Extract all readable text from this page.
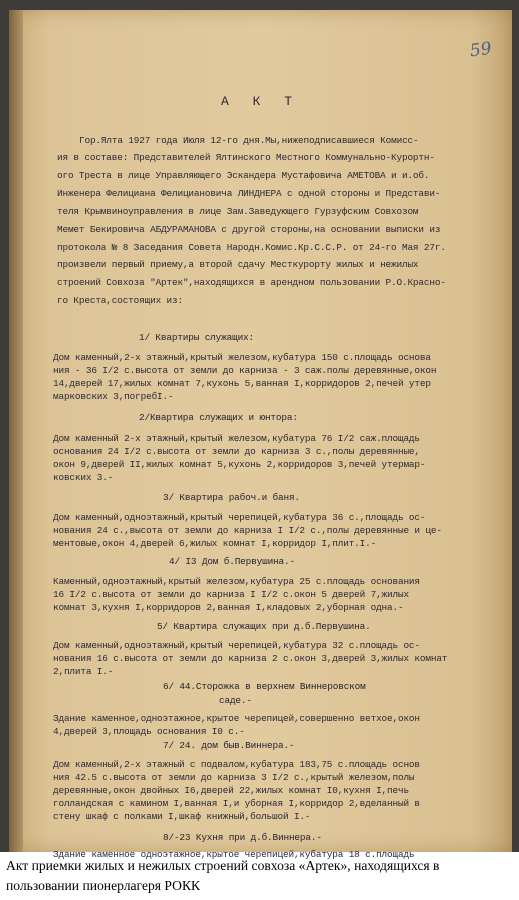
59
А К Т
Гор.Ялта 1927 года Июля 12-го дня.Мы,нижеподписавшиеся Комисс-
ия в составе: Представителей Ялтинского Местного Коммунально-Курортн-
ого Треста в лице Управляющего Эскандера Мустафовича АМЕТОВА и и.об.
Инженера Фелициана Фелициановича ЛИНДНЕРА с одной стороны и Представи-
теля Крымвиноуправления в лице Зам.Заведующего Гурзуфским Совхозом
Мемет Бекировича АБДУРАМАНОВА с другой стороны,на основании выписки из
протокола № 8 Заседания Совета Народн.Комис.Кр.С.С.Р. от 24-го Мая 27г.
произвели первый приему,а второй сдачу Месткурорту жилых и нежилых
строений Совхоза "Артек",находящихся в арендном пользовании Р.О.Красно-
го Креста,состоящих из:
1/ Квартиры служащих:
Дом каменный,2-х этажный,крытый железом,кубатура 150 с.площадь основа
ния - 36 I/2 с.высота от земли до карниза - 3 саж.полы деревянные,окон
14,дверей 17,жилых комнат 7,кухонь 5,ванная I,корридоров 2,печей утер
марковских 3,погребI.-
2/Квартира служащих и юнтора:
Дом каменный 2-х этажный,крытый железом,кубатура 76 I/2 саж.площадь
основания 24 I/2 с.высота от земли до карниза 3 с.,полы деревянные,
окон 9,дверей II,жилых комнат 5,кухонь 2,корридоров 3,печей утермар-
ковских 3.-
3/ Квартира рабоч.и баня.
Дом каменный,одноэтажный,крытый черепицей,кубатура 36 с.,площадь ос-
нования 24 с.,высота от земли до карниза I I/2 с.,полы деревянные и це-
ментовые,окон 4,дверей 6,жилых комнат I,корридор I,плит.I.-
4/ I3 Дом б.Первушина.-
Каменный,одноэтажный,крытый железом,кубатура 25 с.площадь основания
16 I/2 с.высота от земли до карниза I I/2 с.окон 5 дверей 7,жилых
комнат 3,кухня I,корридоров 2,ванная I,кладовых 2,уборная одна.-
5/ Квартира служащих при д.б.Первушина.
Дом каменный,одноэтажный,крытый черепицей,кубатура 32 с.площадь ос-
нования 16 с.высота от земли до карниза 2 с.окон 3,дверей 3,жилых комнат
2,плита I.-
6/ 44.Сторожка в верхнем Виннеровском
саде.-
Здание каменное,одноэтажное,крытое черепицей,совершенно ветхое,окон
4,дверей 3,площадь основания I0 с.-
7/ 24. дом быв.Виннера.-
Дом каменный,2-х этажный с подвалом,кубатура 183,75 с.площадь основ
ния 42.5 с.высота от земли до карниза 3 I/2 с.,крытый железом,полы
деревянные,окон двойных I6,дверей 22,жилых комнат I0,кухня I,печь
голландская с камином I,ванная I,и уборная I,корридор 2,вделанный в
стену шкаф с полками I,шкаф книжный,большой I.-
8/-23 Кухня при д.б.Виннера.-
Здание каменное одноэтажное,крытое черепицей,кубатура 18 с.площадь
Акт приемки жилых и нежилых строений совхоза «Артек», находящихся в пользовании пионерлагеря РОКК
